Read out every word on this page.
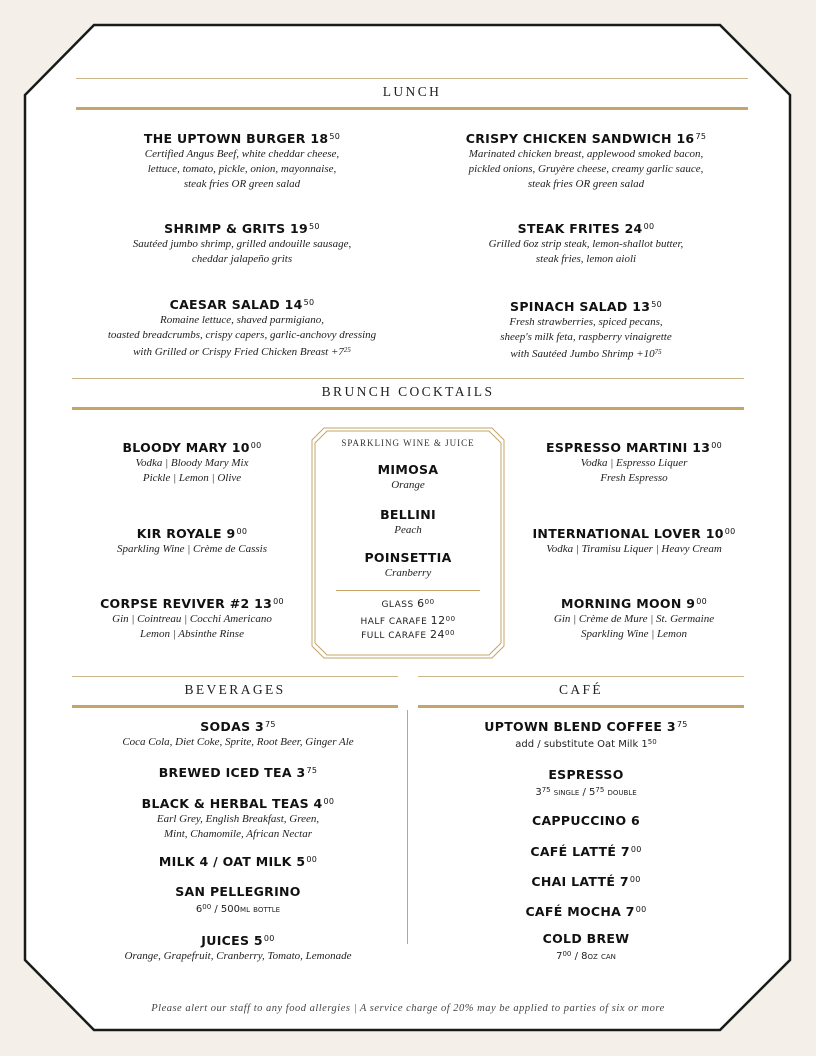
LUNCH
THE UPTOWN BURGER $18^{50}$
Certified Angus Beef, white cheddar cheese,
lettuce, tomato, pickle, onion, mayonnaise,
steak fries OR green salad
CRISPY CHICKEN SANDWICH $16^{75}$
Marinated chicken breast, applewood smoked bacon,
pickled onions, Gruyère cheese, creamy garlic sauce,
steak fries OR green salad
SHRIMP & GRITS $19^{50}$
Sautéed jumbo shrimp, grilled andouille sausage,
cheddar jalapeño grits
STEAK FRITES $24^{00}$
Grilled 6oz strip steak, lemon-shallot butter,
steak fries, lemon aioli
CAESAR SALAD $14^{50}$
Romaine lettuce, shaved parmigiano,
toasted breadcrumbs, crispy capers, garlic-anchovy dressing
with Grilled or Crispy Fried Chicken Breast $+7^{25}$
SPINACH SALAD $13^{50}$
Fresh strawberries, spiced pecans,
sheep's milk feta, raspberry vinaigrette
with Sautéed Jumbo Shrimp $+10^{75}$
BRUNCH COCKTAILS
BLOODY MARY $10^{00}$
Vodka | Bloody Mary Mix
Pickle | Lemon | Olive
KIR ROYALE $9^{00}$
Sparkling Wine | Crème de Cassis
CORPSE REVIVER #2 $13^{00}$
Gin | Cointreau | Cocchi Americano
Lemon | Absinthe Rinse
ESPRESSO MARTINI $13^{00}$
Vodka | Espresso Liquer
Fresh Espresso
INTERNATIONAL LOVER $10^{00}$
Vodka | Tiramisu Liquer | Heavy Cream
MORNING MOON $9^{00}$
Gin | Crème de Mure | St. Germaine
Sparkling Wine | Lemon
SPARKLING WINE & JUICE
MIMOSA
Orange
BELLINI
Peach
POINSETTIA
Cranberry
GLASS $6^{00}$
HALF CARAFE $12^{00}$
FULL CARAFE $24^{00}$
BEVERAGES	CAFÉ
SODAS $3^{75}$
Coca Cola, Diet Coke, Sprite, Root Beer, Ginger Ale
BREWED ICED TEA $3^{75}$
BLACK & HERBAL TEAS $4^{00}$
Earl Grey, English Breakfast, Green,
Mint, Chamomile, African Nectar
MILK 4 / OAT MILK $5^{00}$
SAN PELLEGRINO
$6^{00} / 500ml$ bottle
JUICES $5^{00}$
Orange, Grapefruit, Cranberry, Tomato, Lemonade
UPTOWN BLEND COFFEE $3^{75}$
add / substitute Oat Milk $1^{50}$
ESPRESSO
$3^{75}$ single / $5^{75}$ double
CAPPUCCINO 6
CAFÉ LATTÉ $7^{00}$
CHAI LATTÉ $7^{00}$
CAFÉ MOCHA $7^{00}$
COLD BREW
$7^{00} / 8oz$ can
Please alert our staff to any food allergies | A service charge of 20% may be applied to parties of six or more
